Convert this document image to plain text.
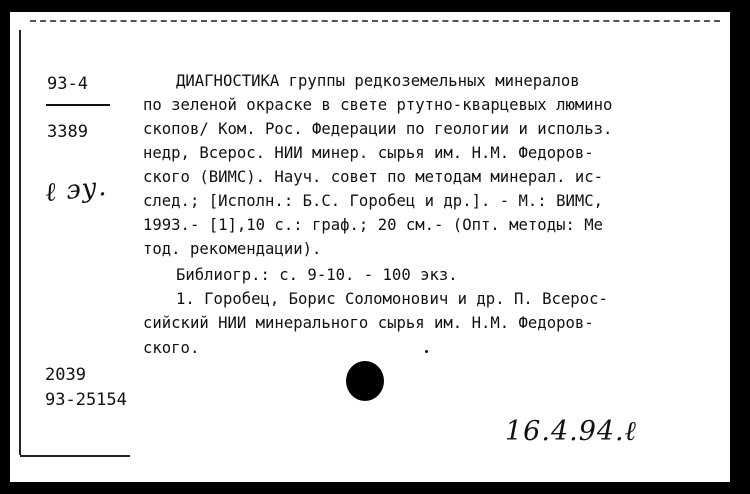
93-4
3389
ℓ эу.
ДИАГНОСТИКА группы редкоземельных минералов
по зеленой окраске в свете ртутно-кварцевых люмино
скопов/ Ком. Рос. Федерации по геологии и использ.
недр, Всерос. НИИ минер. сырья им. Н.М. Федоров-
ского (ВИМС). Науч. совет по методам минерал. ис-
след.; [Исполн.: Б.С. Горобец и др.]. - М.: ВИМС,
1993.- [1],10 с.: граф.; 20 см.- (Опт. методы: Ме
тод. рекомендации).
Библиогр.: с. 9-10. - 100 экз.
1. Горобец, Борис Соломонович и др. П. Всерос-
сийский НИИ минерального сырья им. Н.М. Федоров-
ского.
2039
93-25154
16.4.94.ℓ
